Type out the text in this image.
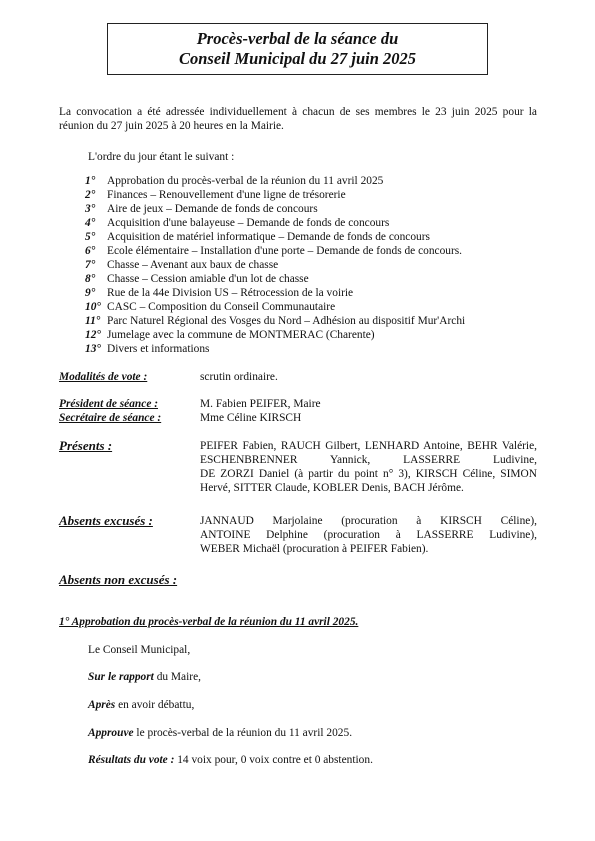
Procès-verbal de la séance du
Conseil Municipal du 27 juin 2025
La convocation a été adressée individuellement à chacun de ses membres le 23 juin 2025 pour la
réunion du 27 juin 2025 à 20 heures en la Mairie.
L'ordre du jour étant le suivant :
1° Approbation du procès-verbal de la réunion du 11 avril 2025
2° Finances – Renouvellement d'une ligne de trésorerie
3° Aire de jeux – Demande de fonds de concours
4° Acquisition d'une balayeuse – Demande de fonds de concours
5° Acquisition de matériel informatique – Demande de fonds de concours
6° Ecole élémentaire – Installation d'une porte – Demande de fonds de concours.
7° Chasse – Avenant aux baux de chasse
8° Chasse – Cession amiable d'un lot de chasse
9° Rue de la 44e Division US – Rétrocession de la voirie
10° CASC – Composition du Conseil Communautaire
11° Parc Naturel Régional des Vosges du Nord – Adhésion au dispositif Mur'Archi
12° Jumelage avec la commune de MONTMERAC (Charente)
13° Divers et informations
Modalités de vote :	scrutin ordinaire.
Président de séance :	M. Fabien PEIFER, Maire
Secrétaire de séance :	Mme Céline KIRSCH
Présents :	PEIFER Fabien, RAUCH Gilbert, LENHARD Antoine, BEHR Valérie,
ESCHENBRENNER Yannick, LASSERRE Ludivine,
DE ZORZI Daniel (à partir du point n° 3), KIRSCH Céline, SIMON
Hervé, SITTER Claude, KOBLER Denis, BACH Jérôme.
Absents excusés :	JANNAUD Marjolaine (procuration à KIRSCH Céline),
ANTOINE Delphine (procuration à LASSERRE Ludivine),
WEBER Michaël (procuration à PEIFER Fabien).
Absents non excusés :
1° Approbation du procès-verbal de la réunion du 11 avril 2025.
Le Conseil Municipal,
Sur le rapport du Maire,
Après en avoir débattu,
Approuve le procès-verbal de la réunion du 11 avril 2025.
Résultats du vote : 14 voix pour, 0 voix contre et 0 abstention.
